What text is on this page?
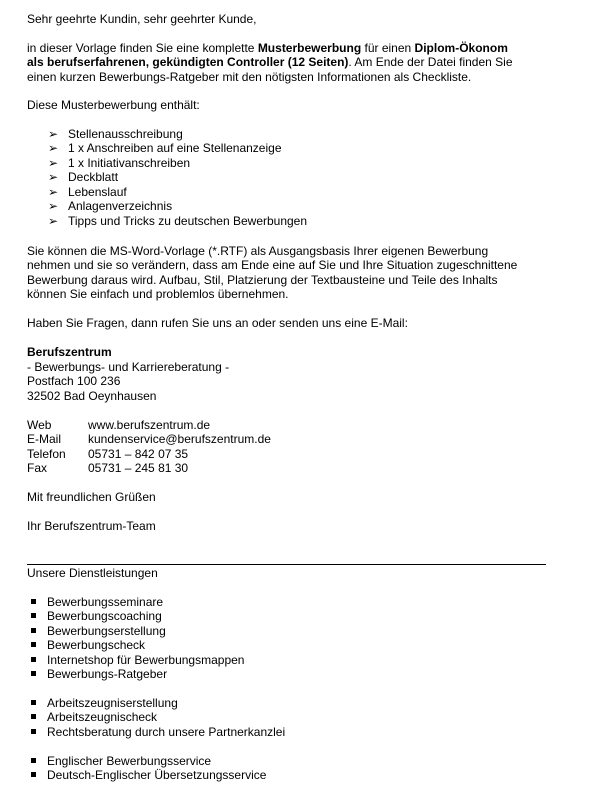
Sehr geehrte Kundin, sehr geehrter Kunde,
in dieser Vorlage finden Sie eine komplette Musterbewerbung für einen Diplom-Ökonom
als berufserfahrenen, gekündigten Controller (12 Seiten). Am Ende der Datei finden Sie
einen kurzen Bewerbungs-Ratgeber mit den nötigsten Informationen als Checkliste.
Diese Musterbewerbung enthält:
➢ Stellenausschreibung
➢ 1 x Anschreiben auf eine Stellenanzeige
➢ 1 x Initiativanschreiben
➢ Deckblatt
➢ Lebenslauf
➢ Anlagenverzeichnis
➢ Tipps und Tricks zu deutschen Bewerbungen
Sie können die MS-Word-Vorlage (*.RTF) als Ausgangsbasis Ihrer eigenen Bewerbung
nehmen und sie so verändern, dass am Ende eine auf Sie und Ihre Situation zugeschnittene
Bewerbung daraus wird. Aufbau, Stil, Platzierung der Textbausteine und Teile des Inhalts
können Sie einfach und problemlos übernehmen.
Haben Sie Fragen, dann rufen Sie uns an oder senden uns eine E-Mail:
Berufszentrum
- Bewerbungs- und Karriereberatung -
Postfach 100 236
32502 Bad Oeynhausen
Web	www.berufszentrum.de
E-Mail kundenservice@berufszentrum.de
Telefon 05731 – 842 07 35
Fax	05731 – 245 81 30
Mit freundlichen Grüßen
Ihr Berufszentrum-Team
Unsere Dienstleistungen
Bewerbungsseminare
Bewerbungscoaching
Bewerbungserstellung
Bewerbungscheck
Internetshop für Bewerbungsmappen
Bewerbungs-Ratgeber
Arbeitszeugniserstellung
Arbeitszeugnischeck
Rechtsberatung durch unsere Partnerkanzlei
Englischer Bewerbungsservice
Deutsch-Englischer Übersetzungsservice
